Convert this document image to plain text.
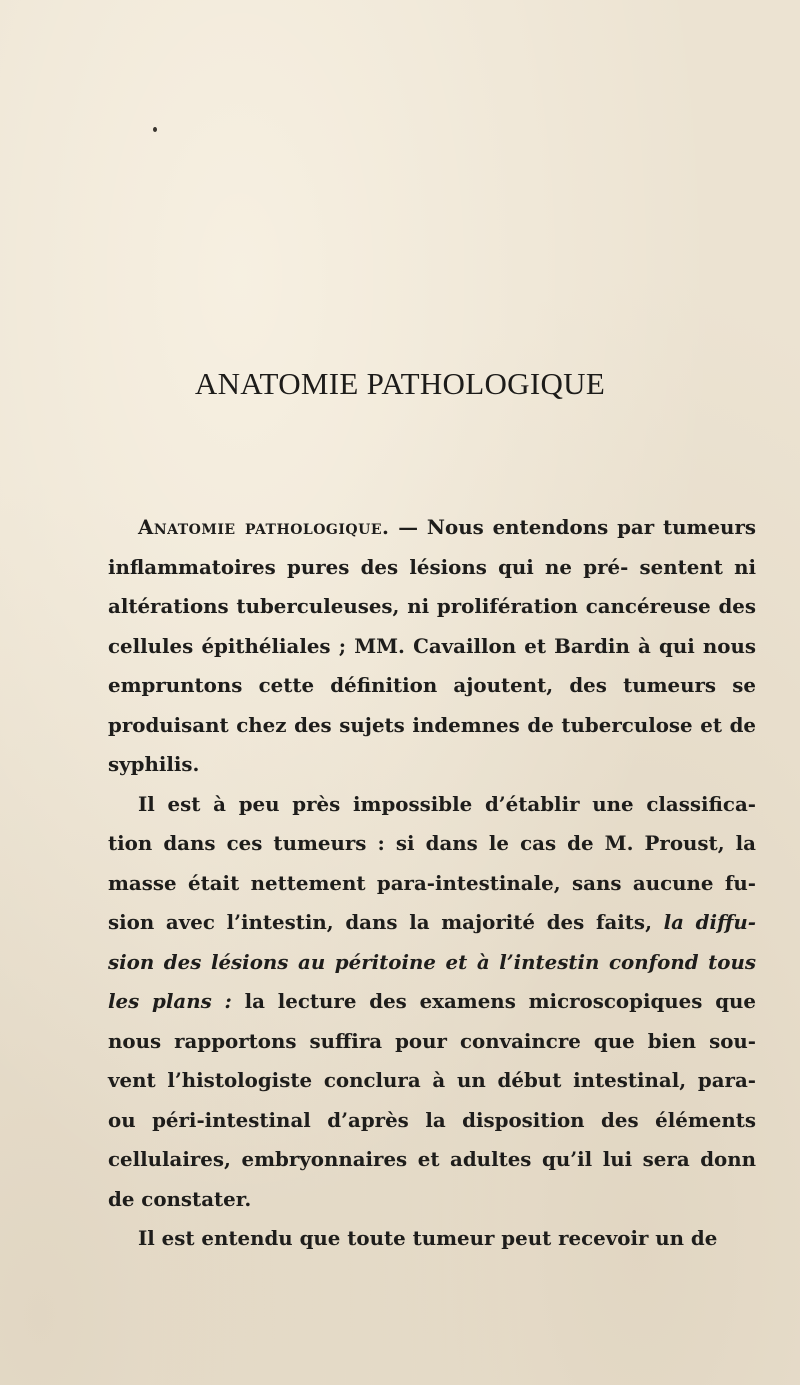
ANATOMIE PATHOLOGIQUE

Anatomie pathologique. — Nous entendons par tumeurs inflammatoires pures des lésions qui ne pré- sentent ni altérations tuberculeuses, ni prolifération cancéreuse des cellules épithéliales ; MM. Cavaillon et Bardin à qui nous empruntons cette définition ajoutent, des tumeurs se produisant chez des sujets indemnes de tuberculose et de syphilis.

Il est à peu près impossible d’établir une classifica- tion dans ces tumeurs : si dans le cas de M. Proust, la masse était nettement para-intestinale, sans aucune fu- sion avec l’intestin, dans la majorité des faits, la diffu- sion des lésions au péritoine et à l’intestin confond tous les plans : la lecture des examens microscopiques que nous rapportons suffira pour convaincre que bien sou- vent l’histologiste conclura à un début intestinal, para- ou péri-intestinal d’après la disposition des éléments cellulaires, embryonnaires et adultes qu’il lui sera donn de constater.

Il est entendu que toute tumeur peut recevoir un de
